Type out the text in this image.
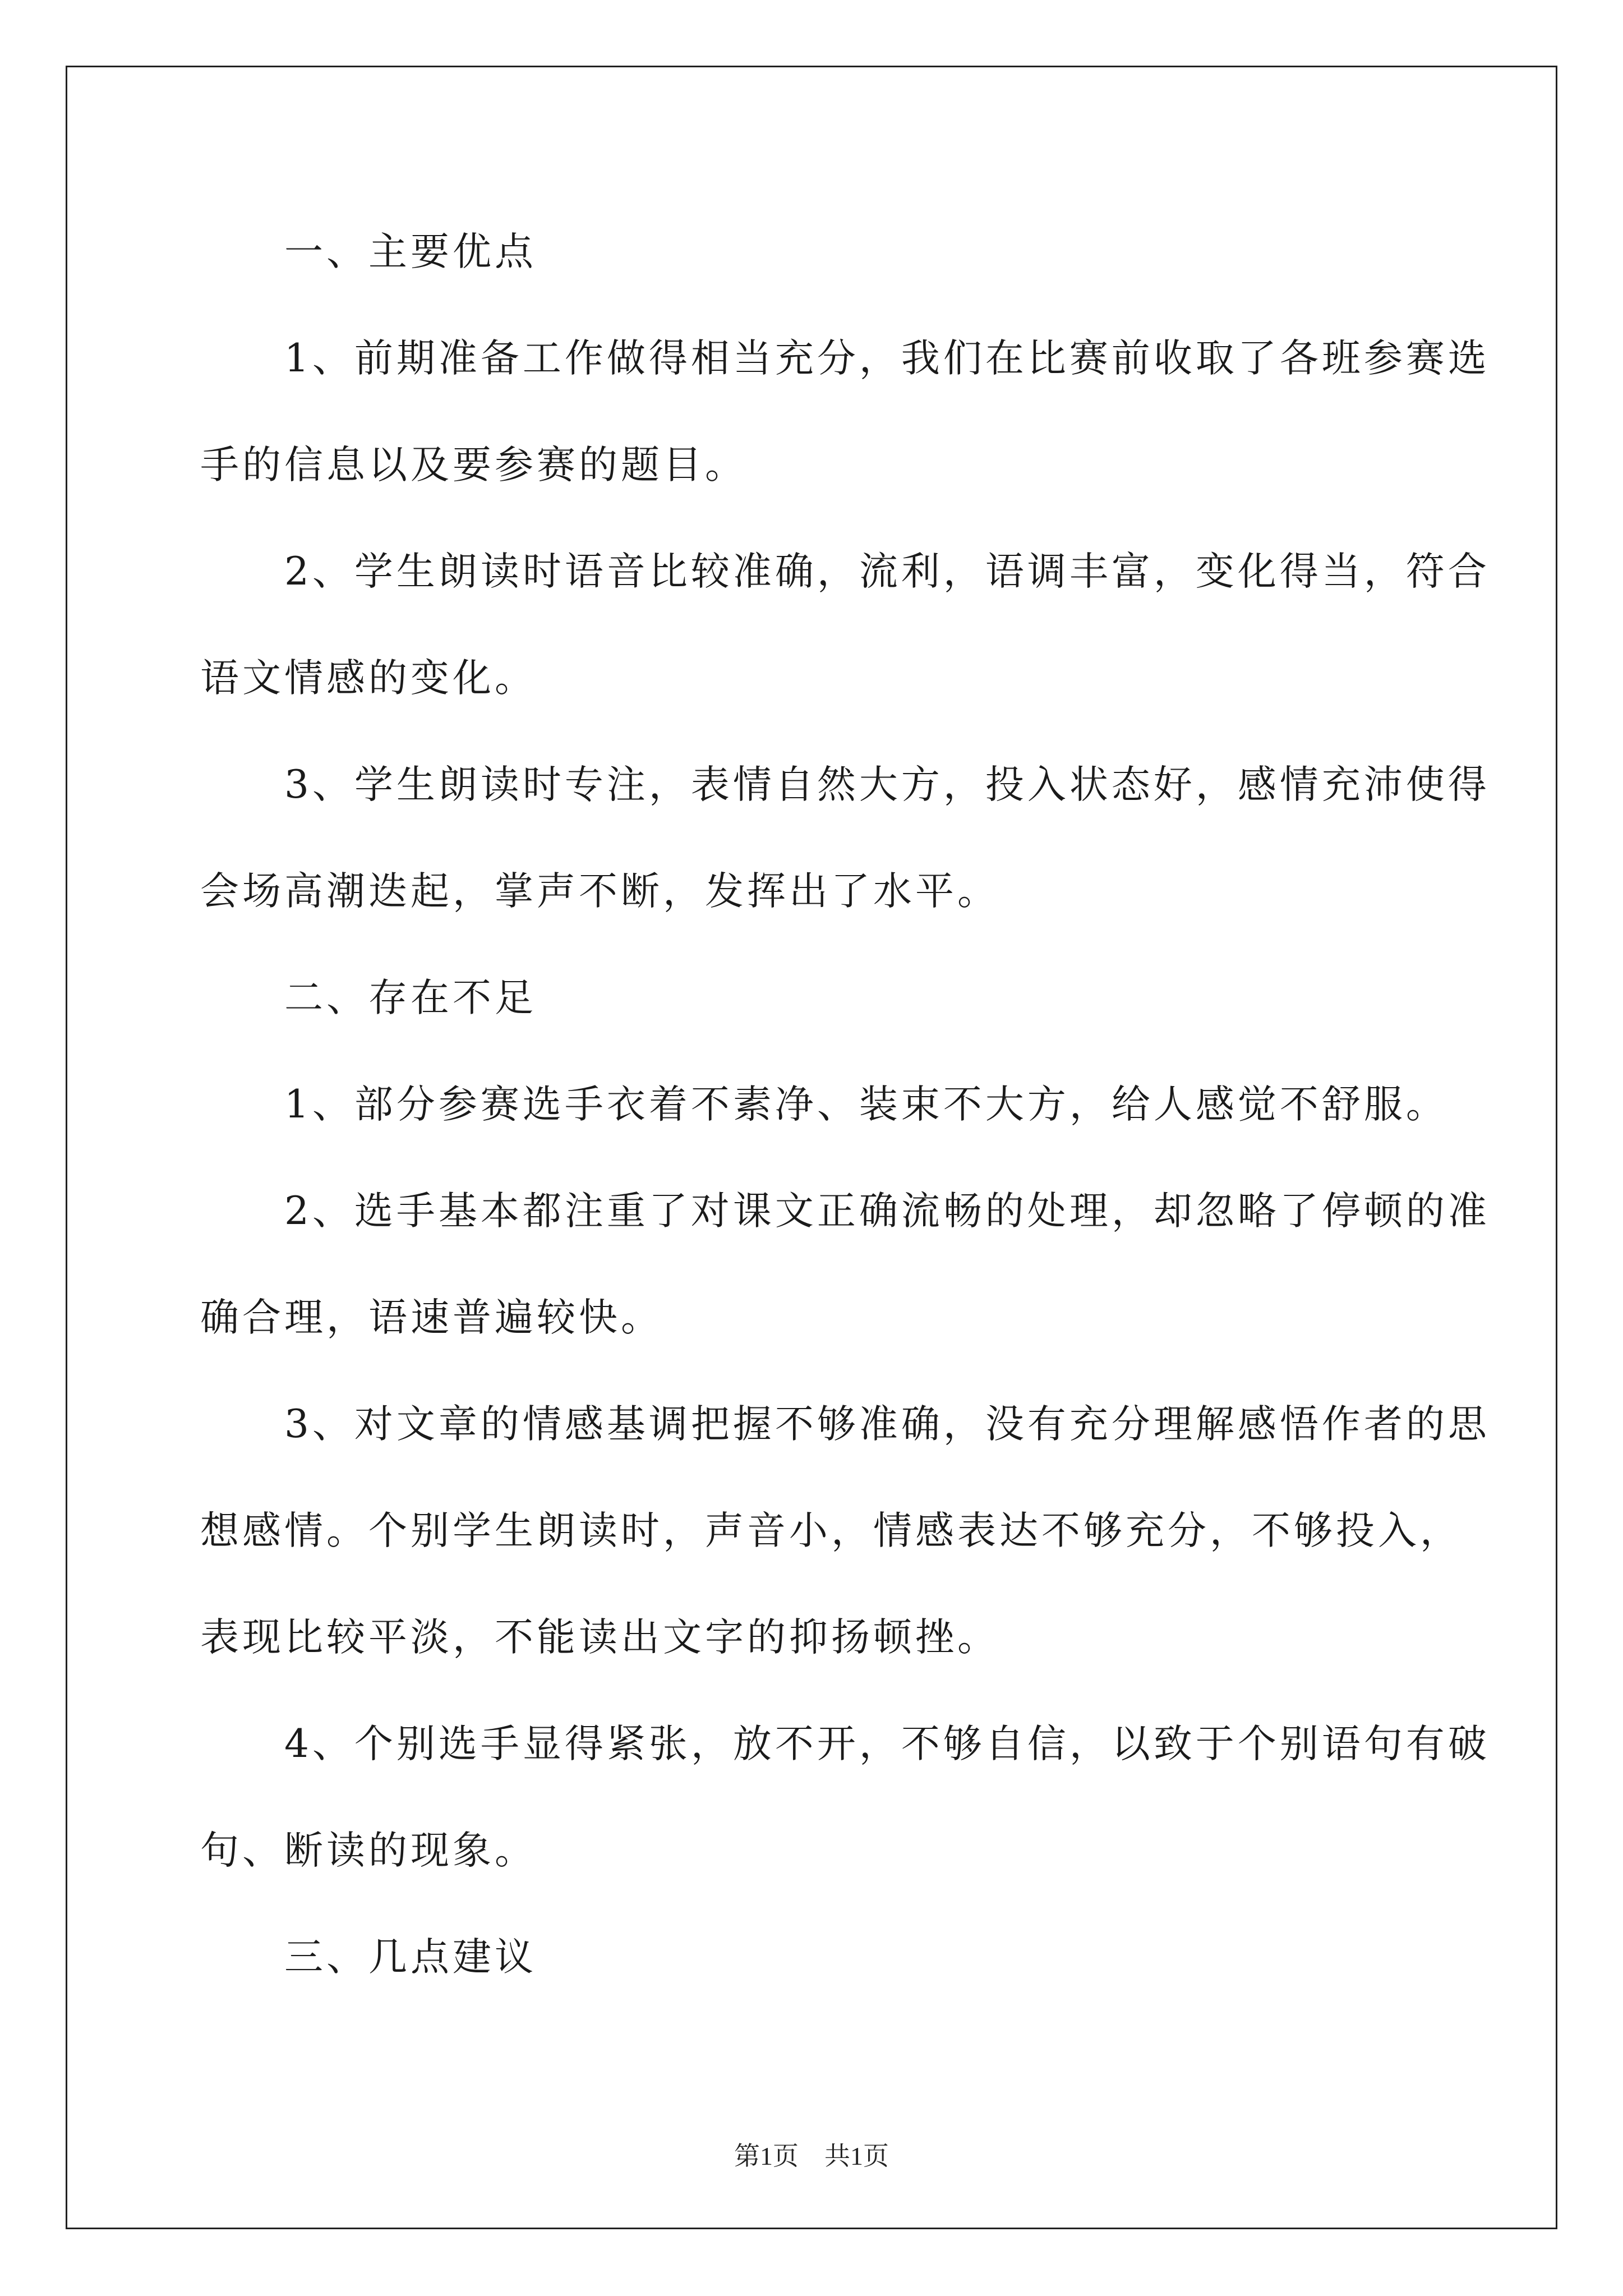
　　一、主要优点
　　1、前期准备工作做得相当充分，我们在比赛前收取了各班参赛选
手的信息以及要参赛的题目。
　　2、学生朗读时语音比较准确，流利，语调丰富，变化得当，符合
语文情感的变化。
　　3、学生朗读时专注，表情自然大方，投入状态好，感情充沛使得
会场高潮迭起，掌声不断，发挥出了水平。
　　二、存在不足
　　1、部分参赛选手衣着不素净、装束不大方，给人感觉不舒服。
　　2、选手基本都注重了对课文正确流畅的处理，却忽略了停顿的准
确合理，语速普遍较快。
　　3、对文章的情感基调把握不够准确，没有充分理解感悟作者的思
想感情。个别学生朗读时，声音小，情感表达不够充分，不够投入，
表现比较平淡，不能读出文字的抑扬顿挫。
　　4、个别选手显得紧张，放不开，不够自信，以致于个别语句有破
句、断读的现象。
　　三、几点建议
第1页 共1页
